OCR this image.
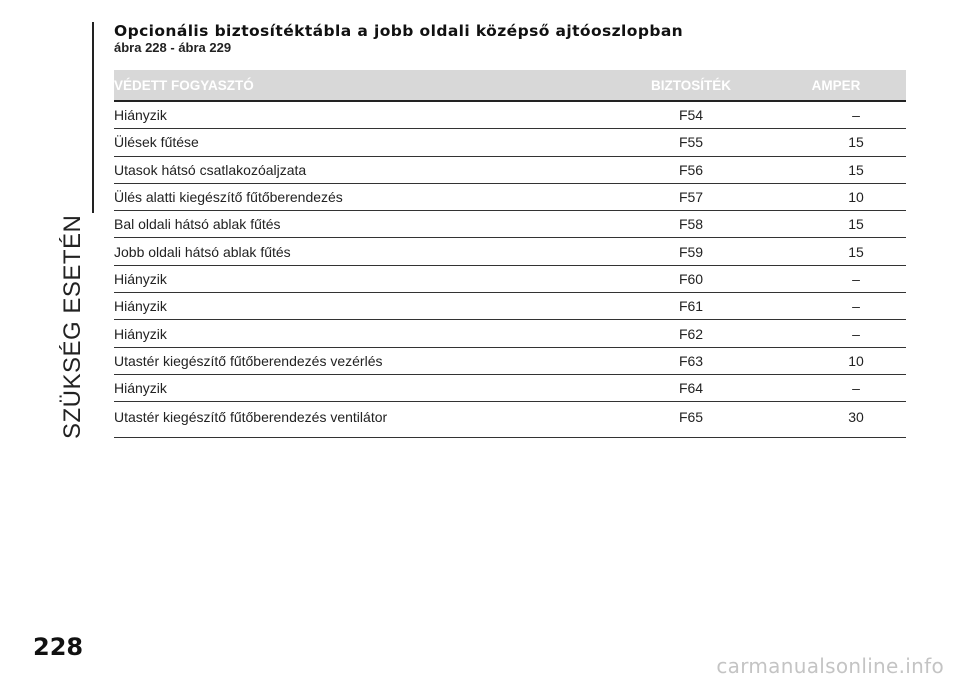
SZÜKSÉG ESETÉN
Opcionális biztosítéktábla a jobb oldali középső ajtóoszlopban
ábra 228 - ábra 229
VÉDETT FOGYASZTÓ	BIZTOSÍTÉK	AMPER
Hiányzik	F54	–
Ülések fűtése	F55	15
Utasok hátsó csatlakozóaljzata	F56	15
Ülés alatti kiegészítő fűtőberendezés	F57	10
Bal oldali hátsó ablak fűtés	F58	15
Jobb oldali hátsó ablak fűtés	F59	15
Hiányzik	F60	–
Hiányzik	F61	–
Hiányzik	F62	–
Utastér kiegészítő fűtőberendezés vezérlés	F63	10
Hiányzik	F64	–
Utastér kiegészítő fűtőberendezés ventilátor	F65	30
228
carmanualsonline.info
